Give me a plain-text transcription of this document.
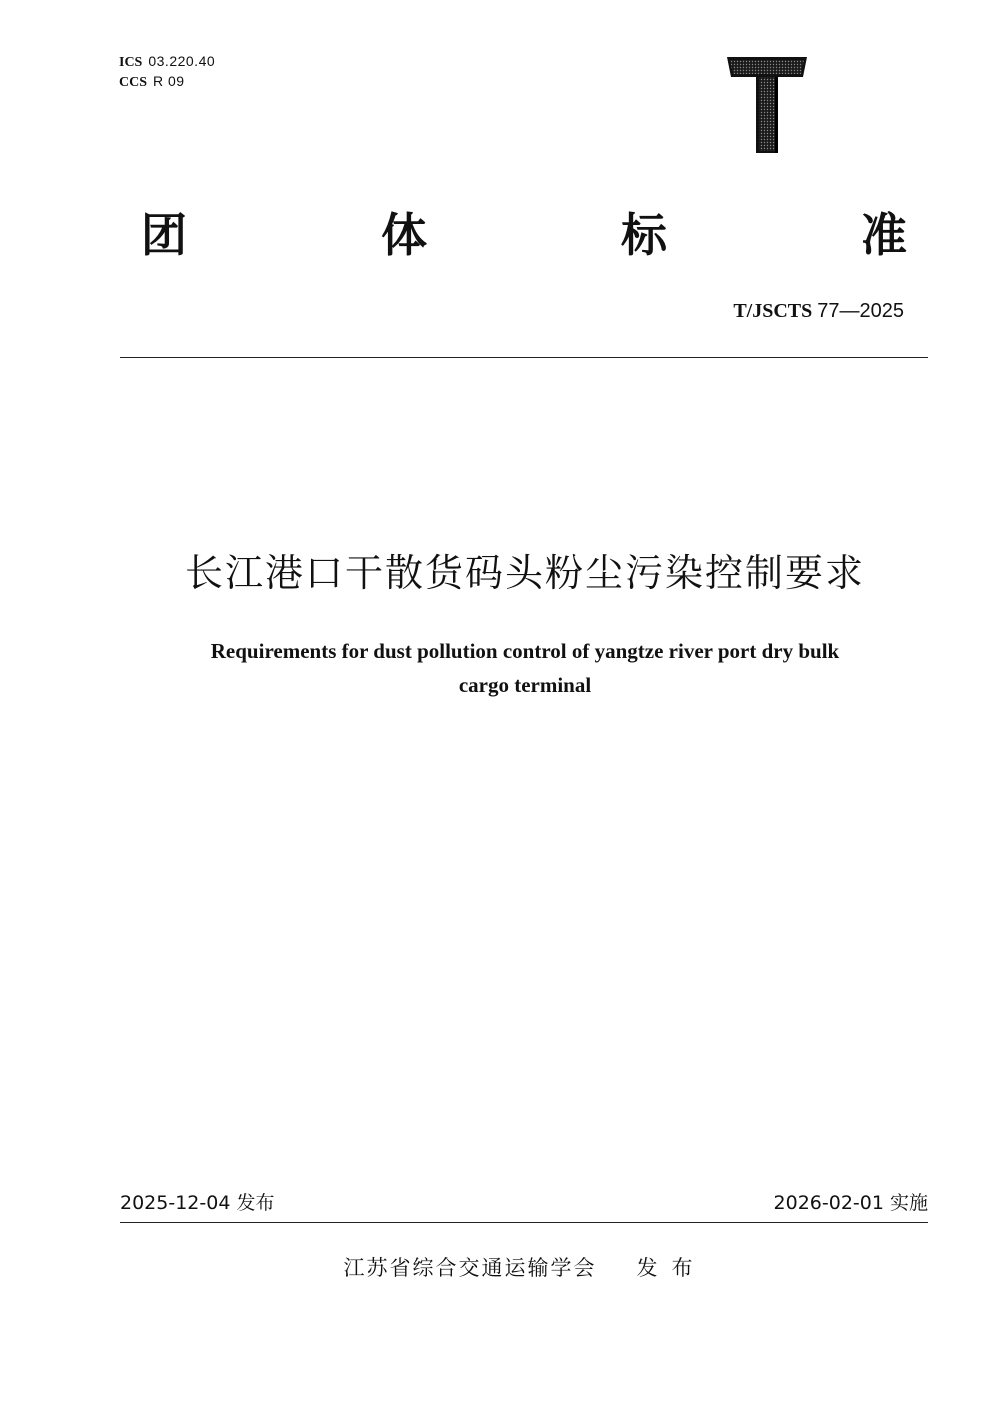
ICS 03.220.40
CCS R 09
团	体	标	准
T/JSCTS 77—2025
长江港口干散货码头粉尘污染控制要求
Requirements for dust pollution control of yangtze river port dry bulk
cargo terminal
2025-12-04 发布	2026-02-01 实施
江苏省综合交通运输学会 发布
